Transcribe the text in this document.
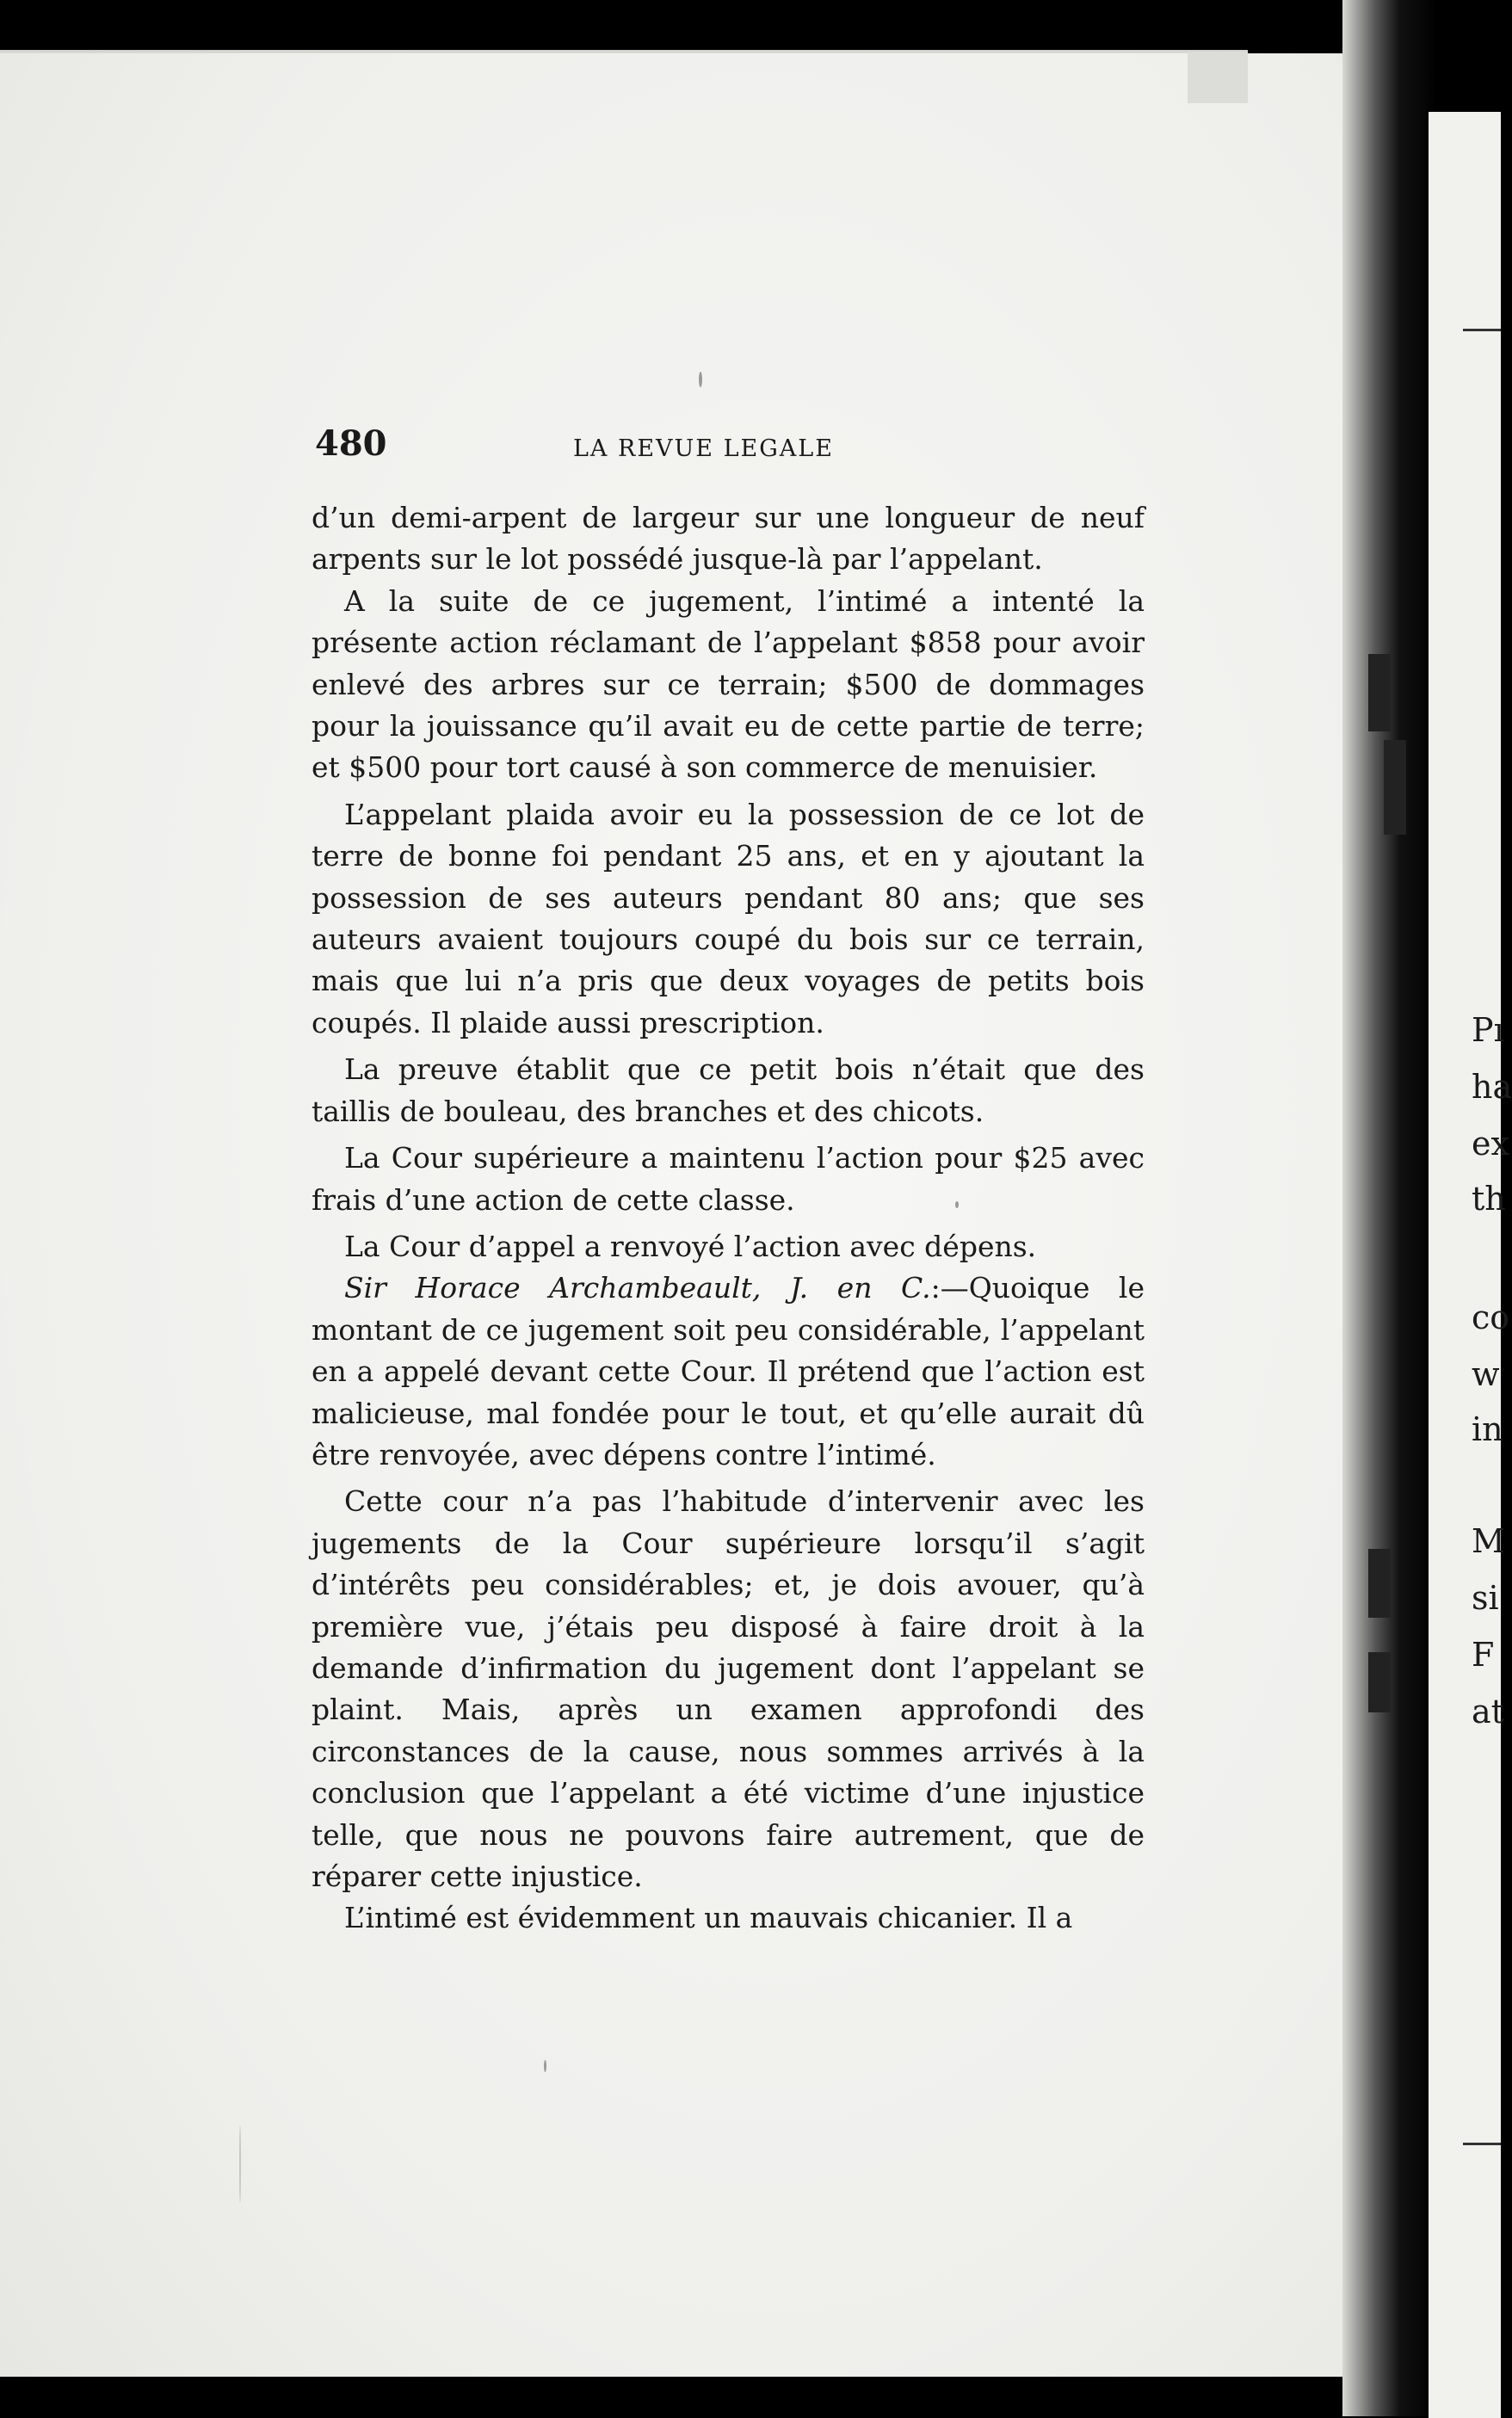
Pı
ha
ex
th
co
w
in
M
si
F
at
480	LA REVUE LEGALE

d’un demi-arpent de largeur sur une longueur de neuf arpents sur le lot possédé jusque-là par l’appelant.

A la suite de ce jugement, l’intimé a intenté la présente action réclamant de l’appelant $858 pour avoir enlevé des arbres sur ce terrain; $500 de dommages pour la jouissance qu’il avait eu de cette partie de terre; et $500 pour tort causé à son commerce de menuisier.

L’appelant plaida avoir eu la possession de ce lot de terre de bonne foi pendant 25 ans, et en y ajoutant la possession de ses auteurs pendant 80 ans; que ses auteurs avaient toujours coupé du bois sur ce terrain, mais que lui n’a pris que deux voyages de petits bois coupés. Il plaide aussi prescription.

La preuve établit que ce petit bois n’était que des taillis de bouleau, des branches et des chicots.

La Cour supérieure a maintenu l’action pour $25 avec frais d’une action de cette classe.

La Cour d’appel a renvoyé l’action avec dépens.

Sir Horace Archambeault, J. en C.:—Quoique le montant de ce jugement soit peu considérable, l’appelant en a appelé devant cette Cour. Il prétend que l’action est malicieuse, mal fondée pour le tout, et qu’elle aurait dû être renvoyée, avec dépens contre l’intimé.

Cette cour n’a pas l’habitude d’intervenir avec les jugements de la Cour supérieure lorsqu’il s’agit d’intérêts peu considérables; et, je dois avouer, qu’à première vue, j’étais peu disposé à faire droit à la demande d’infirmation du jugement dont l’appelant se plaint. Mais, après un examen approfondi des circonstances de la cause, nous sommes arrivés à la conclusion que l’appelant a été victime d’une injustice telle, que nous ne pouvons faire autrement, que de réparer cette injustice.

L’intimé est évidemment un mauvais chicanier. Il a
